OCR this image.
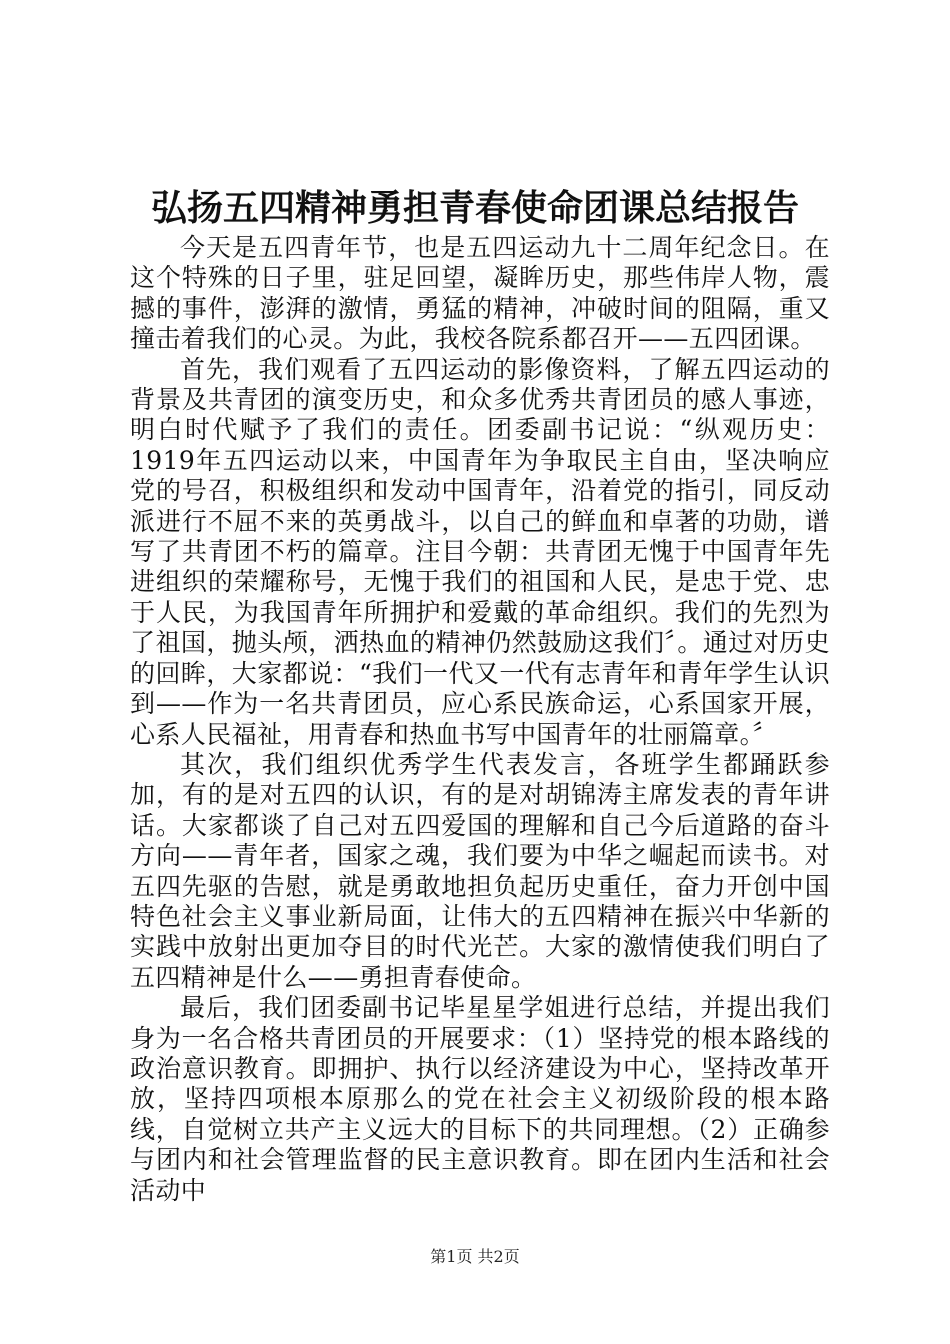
弘扬五四精神勇担青春使命团课总结报告

今天是五四青年节，也是五四运动九十二周年纪念日。在这个特殊的日子里，驻足回望，凝眸历史，那些伟岸人物，震撼的事件，澎湃的激情，勇猛的精神，冲破时间的阻隔，重又撞击着我们的心灵。为此，我校各院系都召开——五四团课。

首先，我们观看了五四运动的影像资料，了解五四运动的背景及共青团的演变历史，和众多优秀共青团员的感人事迹，明白时代赋予了我们的责任。团委副书记说：“纵观历史：1919年五四运动以来，中国青年为争取民主自由，坚决响应党的号召，积极组织和发动中国青年，沿着党的指引，同反动派进行不屈不来的英勇战斗，以自己的鲜血和卓著的功勋，谱写了共青团不朽的篇章。注目今朝：共青团无愧于中国青年先进组织的荣耀称号，无愧于我们的祖国和人民，是忠于党、忠于人民，为我国青年所拥护和爱戴的革命组织。我们的先烈为了祖国，抛头颅，洒热血的精神仍然鼓励这我们〞。通过对历史的回眸，大家都说：“我们一代又一代有志青年和青年学生认识到——作为一名共青团员，应心系民族命运，心系国家开展，心系人民福祉，用青春和热血书写中国青年的壮丽篇章。〞

其次，我们组织优秀学生代表发言，各班学生都踊跃参加，有的是对五四的认识，有的是对胡锦涛主席发表的青年讲话。大家都谈了自己对五四爱国的理解和自己今后道路的奋斗方向——青年者，国家之魂，我们要为中华之崛起而读书。对五四先驱的告慰，就是勇敢地担负起历史重任，奋力开创中国特色社会主义事业新局面，让伟大的五四精神在振兴中华新的实践中放射出更加夺目的时代光芒。大家的激情使我们明白了五四精神是什么——勇担青春使命。

最后，我们团委副书记毕星星学姐进行总结，并提出我们身为一名合格共青团员的开展要求：（1）坚持党的根本路线的政治意识教育。即拥护、执行以经济建设为中心，坚持改革开放，坚持四项根本原那么的党在社会主义初级阶段的根本路线，自觉树立共产主义远大的目标下的共同理想。（2）正确参与团内和社会管理监督的民主意识教育。即在团内生活和社会活动中

第1页 共2页
